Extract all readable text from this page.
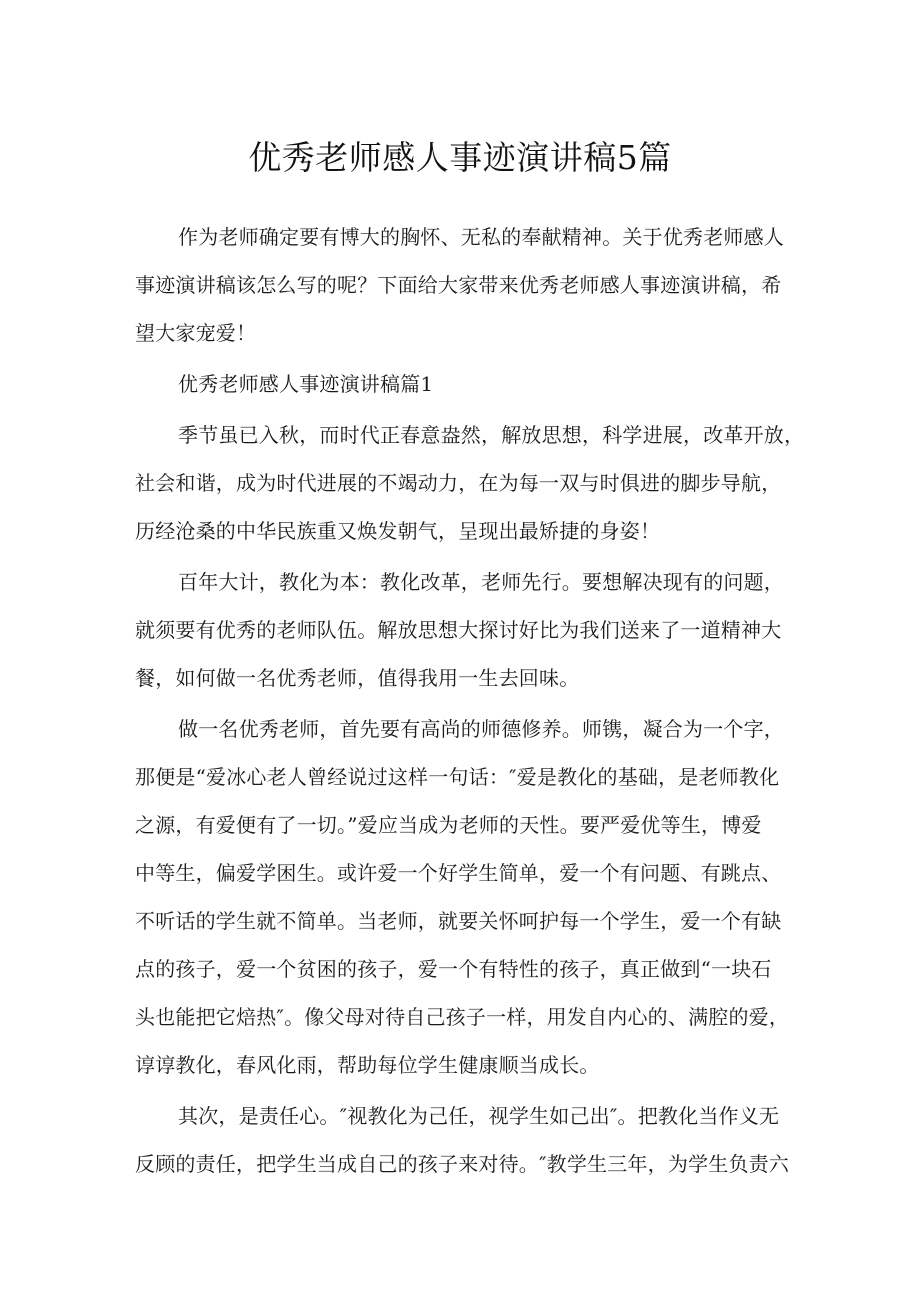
优秀老师感人事迹演讲稿5篇

作为老师确定要有博大的胸怀、无私的奉献精神。关于优秀老师感人
事迹演讲稿该怎么写的呢？下面给大家带来优秀老师感人事迹演讲稿，希
望大家宠爱！

优秀老师感人事迹演讲稿篇1

季节虽已入秋，而时代正春意盎然，解放思想，科学进展，改革开放，
社会和谐，成为时代进展的不竭动力，在为每一双与时俱进的脚步导航，
历经沧桑的中华民族重又焕发朝气，呈现出最矫捷的身姿！

百年大计，教化为本：教化改革，老师先行。要想解决现有的问题，
就须要有优秀的老师队伍。解放思想大探讨好比为我们送来了一道精神大
餐，如何做一名优秀老师，值得我用一生去回味。

做一名优秀老师，首先要有高尚的师德修养。师镌，凝合为一个字，
那便是“爱冰心老人曾经说过这样一句话：″爱是教化的基础，是老师教化
之源，有爱便有了一切。”爱应当成为老师的天性。要严爱优等生，博爱
中等生，偏爱学困生。或许爱一个好学生简单，爱一个有问题、有跳点、
不听话的学生就不简单。当老师，就要关怀呵护每一个学生，爱一个有缺
点的孩子，爱一个贫困的孩子，爱一个有特性的孩子，真正做到“一块石
头也能把它焙热″。像父母对待自己孩子一样，用发自内心的、满腔的爱，
谆谆教化，春风化雨，帮助每位学生健康顺当成长。

其次，是责任心。″视教化为己任，视学生如己出″。把教化当作义无
反顾的责任，把学生当成自己的孩子来对待。″教学生三年，为学生负责六
